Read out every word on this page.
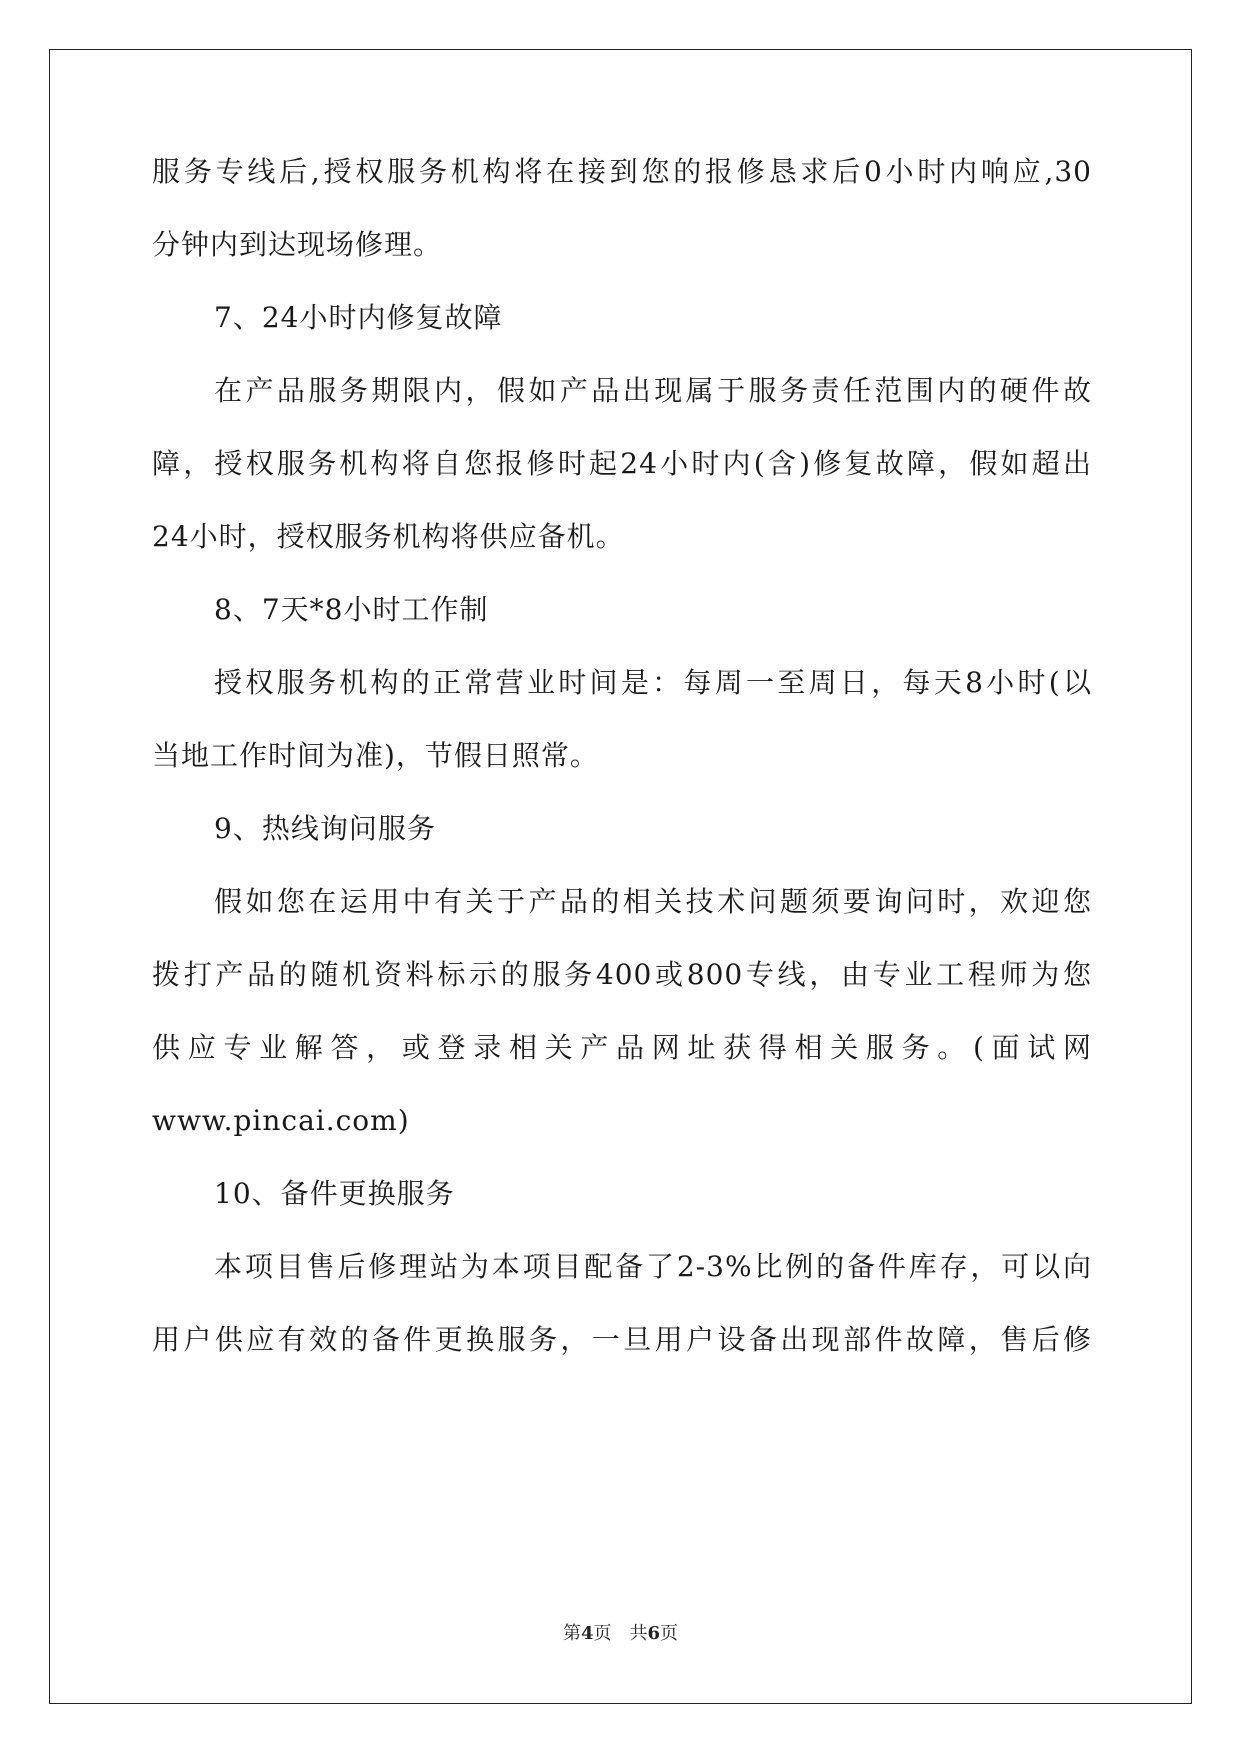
服务专线后,授权服务机构将在接到您的报修恳求后0小时内响应,30
分钟内到达现场修理。
7、24小时内修复故障
在产品服务期限内，假如产品出现属于服务责任范围内的硬件故
障，授权服务机构将自您报修时起24小时内(含)修复故障，假如超出
24小时，授权服务机构将供应备机。
8、7天*8小时工作制
授权服务机构的正常营业时间是：每周一至周日，每天8小时(以
当地工作时间为准)，节假日照常。
9、热线询问服务
假如您在运用中有关于产品的相关技术问题须要询问时，欢迎您
拨打产品的随机资料标示的服务400或800专线，由专业工程师为您
供应专业解答，或登录相关产品网址获得相关服务。(面试网
www.pincai.com)
10、备件更换服务
本项目售后修理站为本项目配备了2-3%比例的备件库存，可以向
用户供应有效的备件更换服务，一旦用户设备出现部件故障，售后修
第4页 共6页
